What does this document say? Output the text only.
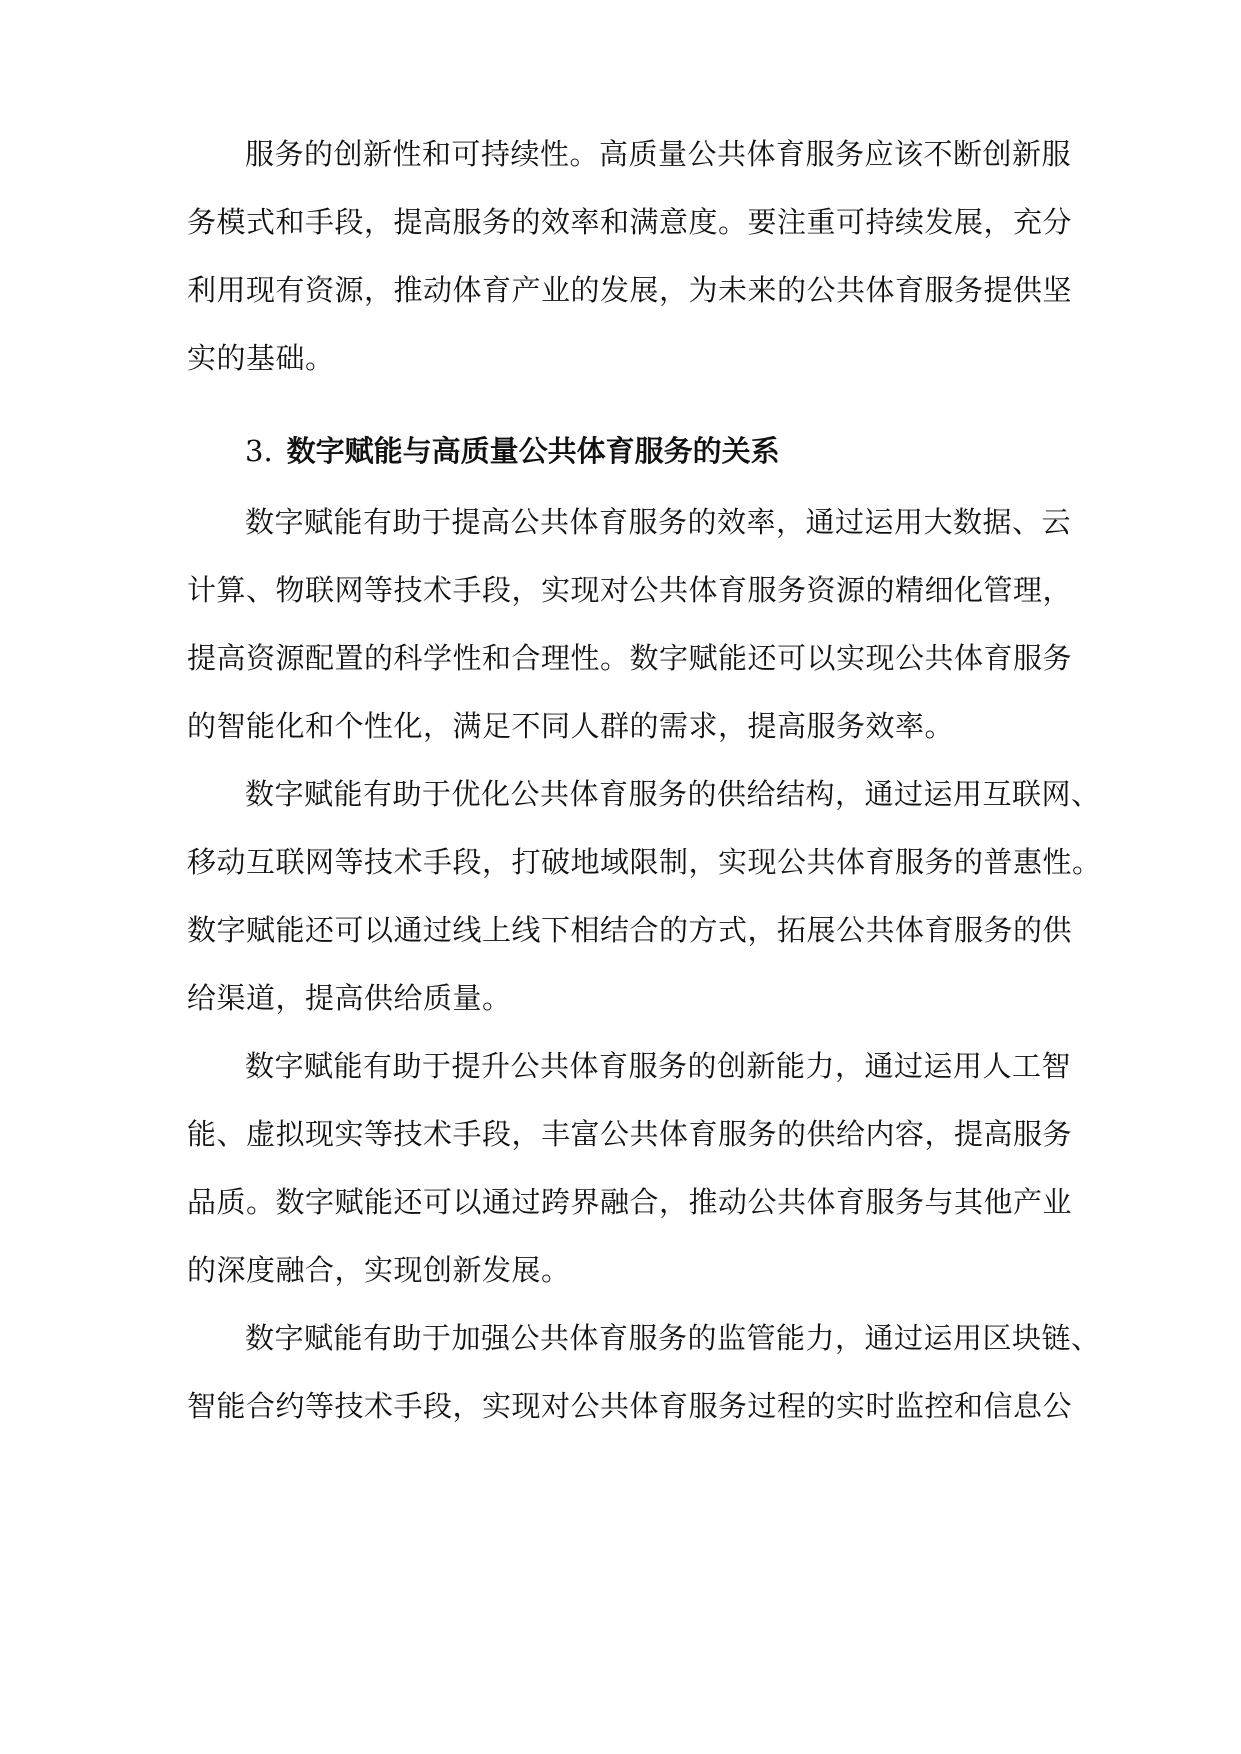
服务的创新性和可持续性。高质量公共体育服务应该不断创新服
务模式和手段，提高服务的效率和满意度。要注重可持续发展，充分
利用现有资源，推动体育产业的发展，为未来的公共体育服务提供坚
实的基础。
3. 数字赋能与高质量公共体育服务的关系
数字赋能有助于提高公共体育服务的效率，通过运用大数据、云
计算、物联网等技术手段，实现对公共体育服务资源的精细化管理，
提高资源配置的科学性和合理性。数字赋能还可以实现公共体育服务
的智能化和个性化，满足不同人群的需求，提高服务效率。
数字赋能有助于优化公共体育服务的供给结构，通过运用互联网、
移动互联网等技术手段，打破地域限制，实现公共体育服务的普惠性。
数字赋能还可以通过线上线下相结合的方式，拓展公共体育服务的供
给渠道，提高供给质量。
数字赋能有助于提升公共体育服务的创新能力，通过运用人工智
能、虚拟现实等技术手段，丰富公共体育服务的供给内容，提高服务
品质。数字赋能还可以通过跨界融合，推动公共体育服务与其他产业
的深度融合，实现创新发展。
数字赋能有助于加强公共体育服务的监管能力，通过运用区块链、
智能合约等技术手段，实现对公共体育服务过程的实时监控和信息公
